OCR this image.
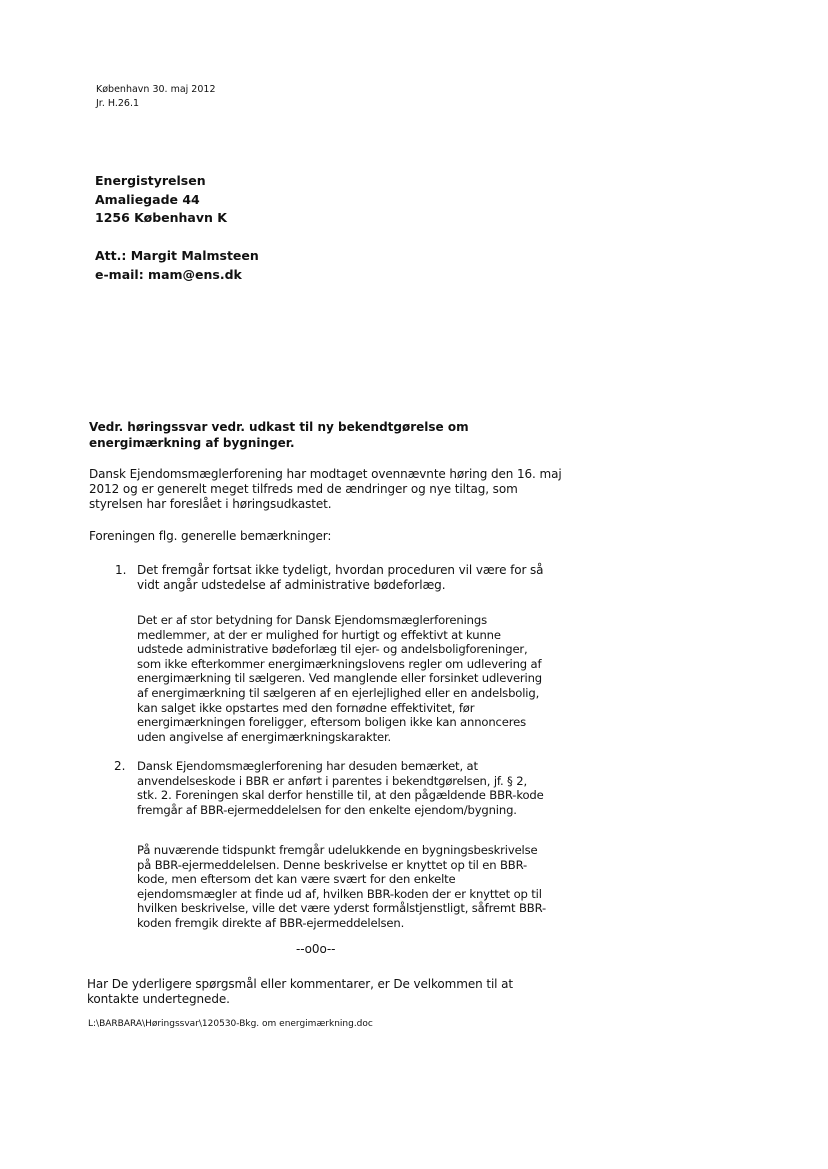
København 30. maj 2012
Jr. H.26.1
Energistyrelsen
Amaliegade 44
1256 København K
Att.: Margit Malmsteen
e-mail: mam@ens.dk
Vedr. høringssvar vedr. udkast til ny bekendtgørelse om
energimærkning af bygninger.
Dansk Ejendomsmæglerforening har modtaget ovennævnte høring den 16. maj
2012 og er generelt meget tilfreds med de ændringer og nye tiltag, som
styrelsen har foreslået i høringsudkastet.
Foreningen flg. generelle bemærkninger:
1. Det fremgår fortsat ikke tydeligt, hvordan proceduren vil være for så
vidt angår udstedelse af administrative bødeforlæg.
Det er af stor betydning for Dansk Ejendomsmæglerforenings
medlemmer, at der er mulighed for hurtigt og effektivt at kunne
udstede administrative bødeforlæg til ejer- og andelsboligforeninger,
som ikke efterkommer energimærkningslovens regler om udlevering af
energimærkning til sælgeren. Ved manglende eller forsinket udlevering
af energimærkning til sælgeren af en ejerlejlighed eller en andelsbolig,
kan salget ikke opstartes med den fornødne effektivitet, før
energimærkningen foreligger, eftersom boligen ikke kan annonceres
uden angivelse af energimærkningskarakter.
2. Dansk Ejendomsmæglerforening har desuden bemærket, at
anvendelseskode i BBR er anført i parentes i bekendtgørelsen, jf. § 2,
stk. 2. Foreningen skal derfor henstille til, at den pågældende BBR-kode
fremgår af BBR-ejermeddelelsen for den enkelte ejendom/bygning.
På nuværende tidspunkt fremgår udelukkende en bygningsbeskrivelse
på BBR-ejermeddelelsen. Denne beskrivelse er knyttet op til en BBR-
kode, men eftersom det kan være svært for den enkelte
ejendomsmægler at finde ud af, hvilken BBR-koden der er knyttet op til
hvilken beskrivelse, ville det være yderst formålstjenstligt, såfremt BBR-
koden fremgik direkte af BBR-ejermeddelelsen.
--o0o--
Har De yderligere spørgsmål eller kommentarer, er De velkommen til at
kontakte undertegnede.
L:\BARBARA\Høringssvar\120530-Bkg. om energimærkning.doc
